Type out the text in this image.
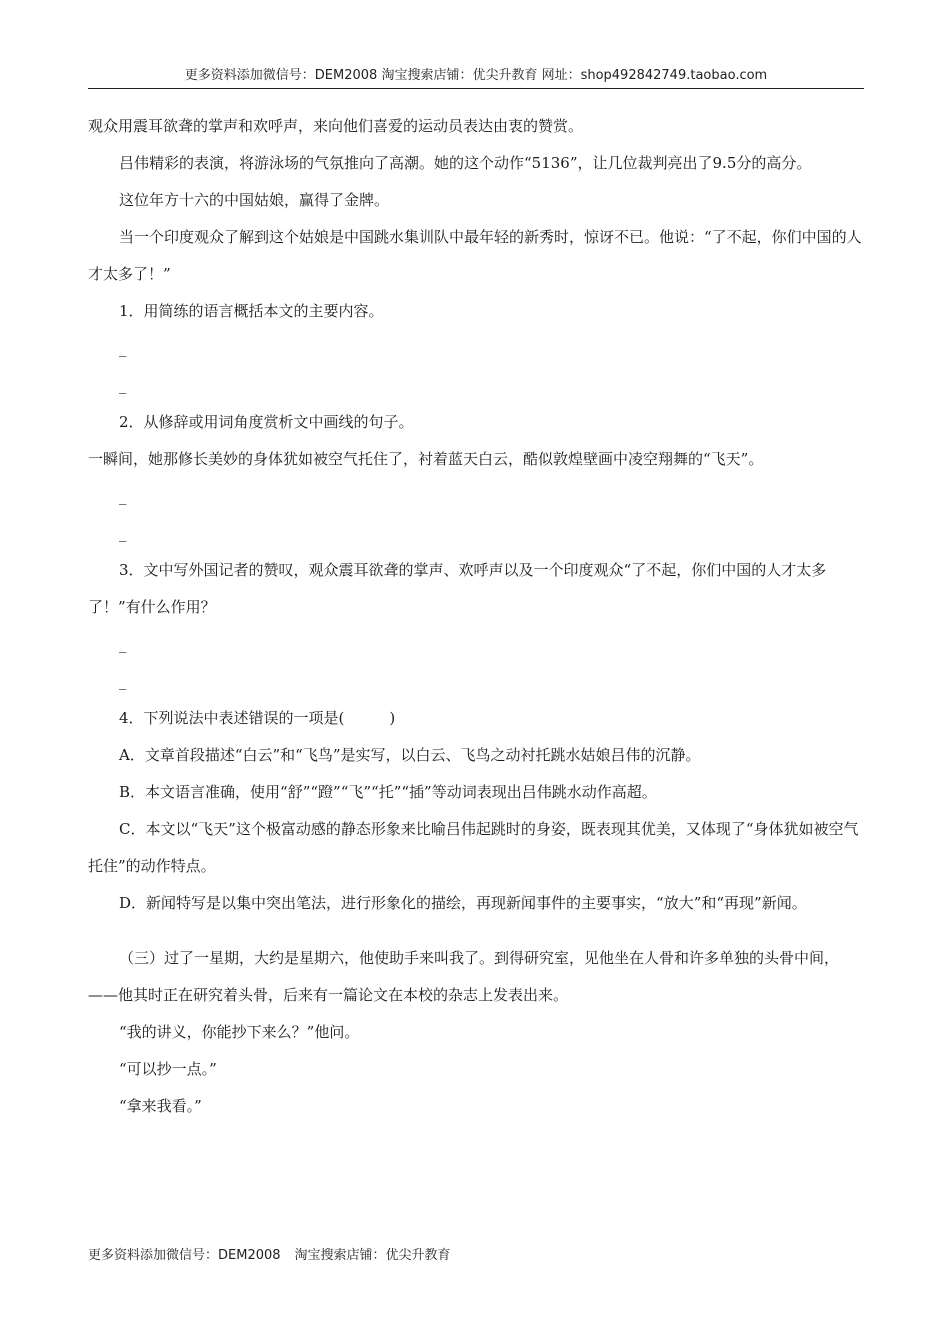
更多资料添加微信号：DEM2008 淘宝搜索店铺：优尖升教育 网址：shop492842749.taobao.com

观众用震耳欲聋的掌声和欢呼声，来向他们喜爱的运动员表达由衷的赞赏。

吕伟精彩的表演，将游泳场的气氛推向了高潮。她的这个动作“5136”，让几位裁判亮出了9.5分的高分。

这位年方十六的中国姑娘，赢得了金牌。

当一个印度观众了解到这个姑娘是中国跳水集训队中最年轻的新秀时，惊讶不已。他说：“了不起，你们中国的人才太多了！”

1．用简练的语言概括本文的主要内容。

_
_

2．从修辞或用词角度赏析文中画线的句子。

一瞬间，她那修长美妙的身体犹如被空气托住了，衬着蓝天白云，酷似敦煌壁画中凌空翔舞的“飞天”。

_
_

3．文中写外国记者的赞叹，观众震耳欲聋的掌声、欢呼声以及一个印度观众“了不起，你们中国的人才太多了！”有什么作用？

_
_

4．下列说法中表述错误的一项是(　　　)

A．文章首段描述“白云”和“飞鸟”是实写，以白云、飞鸟之动衬托跳水姑娘吕伟的沉静。

B．本文语言准确，使用“舒”“蹬”“飞”“托”“插”等动词表现出吕伟跳水动作高超。

C．本文以“飞天”这个极富动感的静态形象来比喻吕伟起跳时的身姿，既表现其优美，又体现了“身体犹如被空气托住”的动作特点。

D．新闻特写是以集中突出笔法，进行形象化的描绘，再现新闻事件的主要事实，“放大”和“再现”新闻。

（三）过了一星期，大约是星期六，他使助手来叫我了。到得研究室，见他坐在人骨和许多单独的头骨中间，——他其时正在研究着头骨，后来有一篇论文在本校的杂志上发表出来。

“我的讲义，你能抄下来么？”他问。

“可以抄一点。”

“拿来我看。”

更多资料添加微信号：DEM2008 淘宝搜索店铺：优尖升教育
